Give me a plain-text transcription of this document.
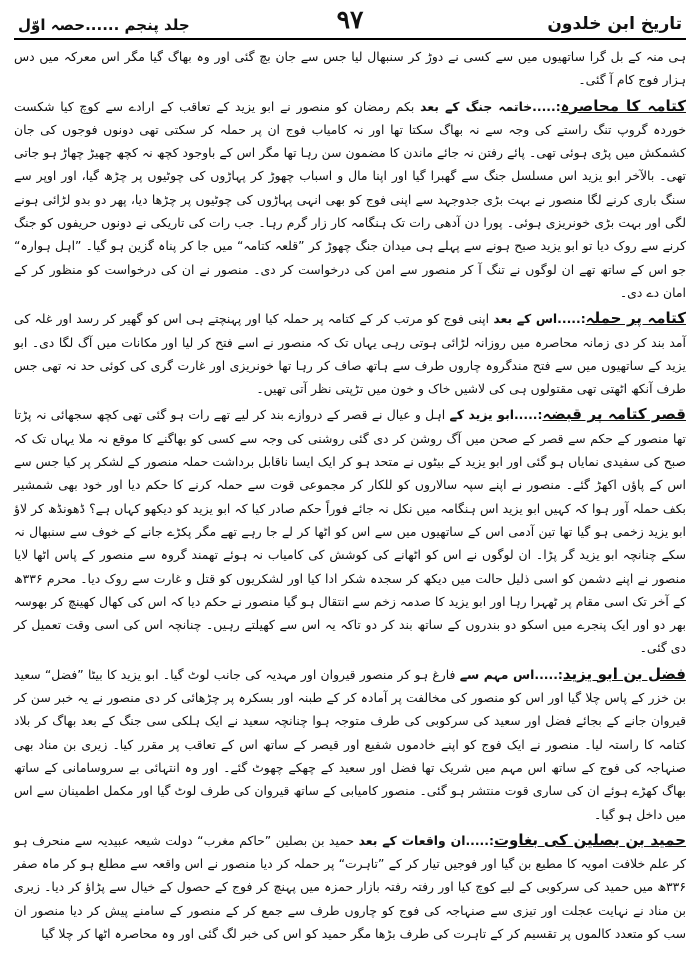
تاریخ ابن خلدون
۹۷
جلد پنجم ......حصہ اوّل

ہی منہ کے بل گرا ساتھیوں میں سے کسی نے دوڑ کر سنبھال لیا جس سے جان بچ گئی اور وہ بھاگ گیا مگر اس معرکہ میں دس ہزار فوج کام آ گئی۔

کتامہ کا محاصرہ:.....خاتمہ جنگ کے بعد بکم رمضان کو منصور نے ابو یزید کے تعاقب کے ارادے سے کوچ کیا شکست خوردہ گروپ تنگ راستے کی وجہ سے نہ بھاگ سکتا تھا اور نہ کامیاب فوج ان پر حملہ کر سکتی تھی دونوں فوجوں کی جان کشمکش میں پڑی ہوئی تھی۔ پائے رفتن نہ جائے ماندن کا مضمون سن رہا تھا مگر اس کے باوجود کچھ نہ کچھ چھیڑ چھاڑ ہو جاتی تھی۔ بالآخر ابو یزید اس مسلسل جنگ سے گھبرا گیا اور اپنا مال و اسباب چھوڑ کر پہاڑوں کی چوٹیوں پر چڑھ گیا، اور اوپر سے سنگ باری کرنے لگا منصور نے بہت بڑی جدوجہد سے اپنی فوج کو بھی انہی پہاڑوں کی چوٹیوں پر چڑھا دیا، پھر دو بدو لڑائی ہونے لگی اور بہت بڑی خونریزی ہوئی۔ پورا دن آدھی رات تک ہنگامہ کار زار گرم رہا۔ جب رات کی تاریکی نے دونوں حریفوں کو جنگ کرنے سے روک دیا تو ابو یزید صبح ہونے سے پہلے ہی میدان جنگ چھوڑ کر ”قلعہ کتامہ“ میں جا کر پناہ گزین ہو گیا۔ ”اہل ہوارہ“ جو اس کے ساتھ تھے ان لوگوں نے تنگ آ کر منصور سے امن کی درخواست کر دی۔ منصور نے ان کی درخواست کو منظور کر کے امان دے دی۔

کتامہ پر حملہ:.....اس کے بعد اپنی فوج کو مرتب کر کے کتامہ پر حملہ کیا اور پہنچتے ہی اس کو گھیر کر رسد اور غلہ کی آمد بند کر دی زمانہ محاصرہ میں روزانہ لڑائی ہوتی رہی یہاں تک کہ منصور نے اسے فتح کر لیا اور مکانات میں آگ لگا دی۔ ابو یزید کے ساتھیوں میں سے فتح مندگروہ چاروں طرف سے ہاتھ صاف کر رہا تھا خونریزی اور غارت گری کی کوئی حد نہ تھی جس طرف آنکھ اٹھتی تھی مقتولوں ہی کی لاشیں خاک و خون میں تڑپتی نظر آتی تھیں۔

قصر کتامہ پر قبضہ:.....ابو یزید کے اہل و عیال نے قصر کے دروازے بند کر لیے تھے رات ہو گئی تھی کچھ سجھائی نہ پڑتا تھا منصور کے حکم سے قصر کے صحن میں آگ روشن کر دی گئی روشنی کی وجہ سے کسی کو بھاگنے کا موقع نہ ملا یہاں تک کہ صبح کی سفیدی نمایاں ہو گئی اور ابو یزید کے بیٹوں نے متحد ہو کر ایک ایسا ناقابل برداشت حملہ منصور کے لشکر پر کیا جس سے اس کے پاؤں اکھڑ گئے۔ منصور نے اپنے سپہ سالاروں کو للکار کر مجموعی قوت سے حملہ کرنے کا حکم دیا اور خود بھی شمشیر بکف حملہ آور ہوا کہ کہیں ابو یزید اس ہنگامہ میں نکل نہ جائے فوراً حکم صادر کیا کہ ابو یزید کو دیکھو کہاں ہے؟ ڈھونڈھ کر لاؤ ابو یزید زخمی ہو گیا تھا تین آدمی اس کے ساتھیوں میں سے اس کو اٹھا کر لے جا رہے تھے مگر پکڑے جانے کے خوف سے سنبھال نہ سکے چنانچہ ابو یزید گر پڑا۔ ان لوگوں نے اس کو اٹھانے کی کوشش کی کامیاب نہ ہوئے تھمند گروہ سے منصور کے پاس اٹھا لایا منصور نے اپنے دشمن کو اسی ذلیل حالت میں دیکھ کر سجدہ شکر ادا کیا اور لشکریوں کو قتل و غارت سے روک دیا۔ محرم ۳۳۶ھ کے آخر تک اسی مقام پر ٹھہرا رہا اور ابو یزید کا صدمہ زخم سے انتقال ہو گیا منصور نے حکم دیا کہ اس کی کھال کھینچ کر بھوسہ بھر دو اور ایک پنجرے میں اسکو دو بندروں کے ساتھ بند کر دو تاکہ یہ اس سے کھیلتے رہیں۔ چنانچہ اس کی اسی وقت تعمیل کر دی گئی۔

فضل بن ابو یزید:.....اس مہم سے فارغ ہو کر منصور قیروان اور مہدیہ کی جانب لوٹ گیا۔ ابو یزید کا بیٹا ”فضل“ سعید بن خزر کے پاس چلا گیا اور اس کو منصور کی مخالفت پر آمادہ کر کے طبنہ اور بسکرہ پر چڑھائی کر دی منصور نے یہ خبر سن کر قیروان جانے کے بجائے فضل اور سعید کی سرکوبی کی طرف متوجہ ہوا چنانچہ سعید نے ایک ہلکی سی جنگ کے بعد بھاگ کر بلاد کتامہ کا راستہ لیا۔ منصور نے ایک فوج کو اپنے خادموں شفیع اور قیصر کے ساتھ اس کے تعاقب پر مقرر کیا۔ زیری بن مناد بھی صنہاجہ کی فوج کے ساتھ اس مہم میں شریک تھا فضل اور سعید کے چھکے چھوٹ گئے۔ اور وہ انتہائی بے سروسامانی کے ساتھ بھاگ کھڑے ہوئے ان کی ساری قوت منتشر ہو گئی۔ منصور کامیابی کے ساتھ قیروان کی طرف لوٹ گیا اور مکمل اطمینان سے اس میں داخل ہو گیا۔

حمید بن بصلین کی بغاوت:.....ان واقعات کے بعد حمید بن بصلین ”حاکم مغرب“ دولت شیعہ عبیدیہ سے منحرف ہو کر علم خلافت امویہ کا مطیع بن گیا اور فوجیں تیار کر کے ”تاہرت“ پر حملہ کر دیا منصور نے اس واقعہ سے مطلع ہو کر ماہ صفر ۳۳۶ھ میں حمید کی سرکوبی کے لیے کوچ کیا اور رفتہ رفتہ بازار حمزہ میں پہنچ کر فوج کے حصول کے خیال سے پڑاؤ کر دیا۔ زیری بن مناد نے نہایت عجلت اور تیزی سے صنہاجہ کی فوج کو چاروں طرف سے جمع کر کے منصور کے سامنے پیش کر دیا منصور ان سب کو متعدد کالموں پر تقسیم کر کے تاہرت کی طرف بڑھا مگر حمید کو اس کی خبر لگ گئی اور وہ محاصرہ اٹھا کر چلا گیا
